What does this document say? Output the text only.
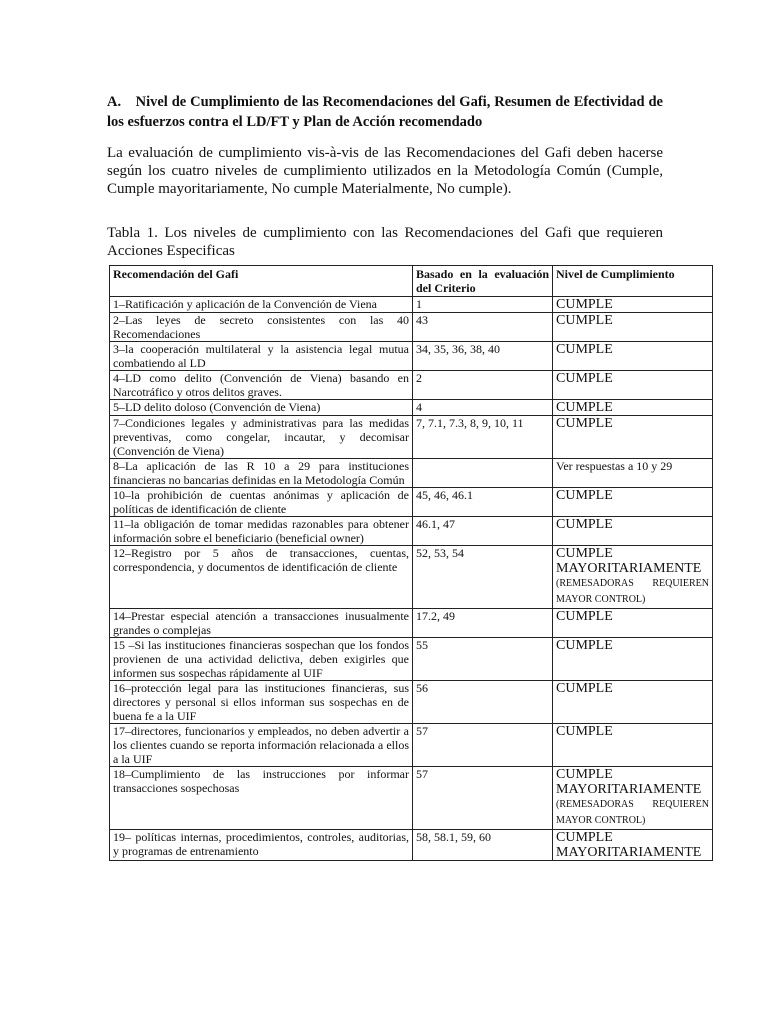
A. Nivel de Cumplimiento de las Recomendaciones del Gafi, Resumen de Efectividad de los esfuerzos contra el LD/FT y Plan de Acción recomendado
La evaluación de cumplimiento vis-à-vis de las Recomendaciones del Gafi deben hacerse según los cuatro niveles de cumplimiento utilizados en la Metodología Común (Cumple, Cumple mayoritariamente, No cumple Materialmente, No cumple).
Tabla 1. Los niveles de cumplimiento con las Recomendaciones del Gafi que requieren Acciones Especificas
Recomendación del Gafi	Basado en la evaluación del Criterio	Nivel de Cumplimiento
1–Ratificación y aplicación de la Convención de Viena	1	CUMPLE

2–Las leyes de secreto consistentes con las 40 Recomendaciones	43	CUMPLE

3–la cooperación multilateral y la asistencia legal mutua combatiendo al LD	34, 35, 36, 38, 40	CUMPLE

4–LD como delito (Convención de Viena) basando en Narcotráfico y otros delitos graves.	2	CUMPLE

5–LD delito doloso (Convención de Viena)	4	CUMPLE

7–Condiciones legales y administrativas para las medidas preventivas, como congelar, incautar, y decomisar (Convención de Viena)	7, 7.1, 7.3, 8, 9, 10, 11	CUMPLE

8–La aplicación de las R 10 a 29 para instituciones financieras no bancarias definidas en la Metodología Común		Ver respuestas a 10 y 29

10–la prohibición de cuentas anónimas y aplicación de políticas de identificación de cliente	45, 46, 46.1	CUMPLE

11–la obligación de tomar medidas razonables para obtener información sobre el beneficiario (beneficial owner)	46.1, 47	CUMPLE

12–Registro por 5 años de transacciones, cuentas, correspondencia, y documentos de identificación de cliente	52, 53, 54	CUMPLE MAYORITARIAMENTE
(REMESADORAS REQUIEREN MAYOR CONTROL)

14–Prestar especial atención a transacciones inusualmente grandes o complejas	17.2, 49	CUMPLE

15 –Si las instituciones financieras sospechan que los fondos provienen de una actividad delictiva, deben exigirles que informen sus sospechas rápidamente al UIF	55	CUMPLE

16–protección legal para las instituciones financieras, sus directores y personal si ellos informan sus sospechas en de buena fe a la UIF	56	CUMPLE

17–directores, funcionarios y empleados, no deben advertir a los clientes cuando se reporta información relacionada a ellos a la UIF	57	CUMPLE

18–Cumplimiento de las instrucciones por informar transacciones sospechosas	57	CUMPLE MAYORITARIAMENTE
(REMESADORAS REQUIEREN MAYOR CONTROL)

19– políticas internas, procedimientos, controles, auditorias, y programas de entrenamiento	58, 58.1, 59, 60	CUMPLE MAYORITARIAMENTE
